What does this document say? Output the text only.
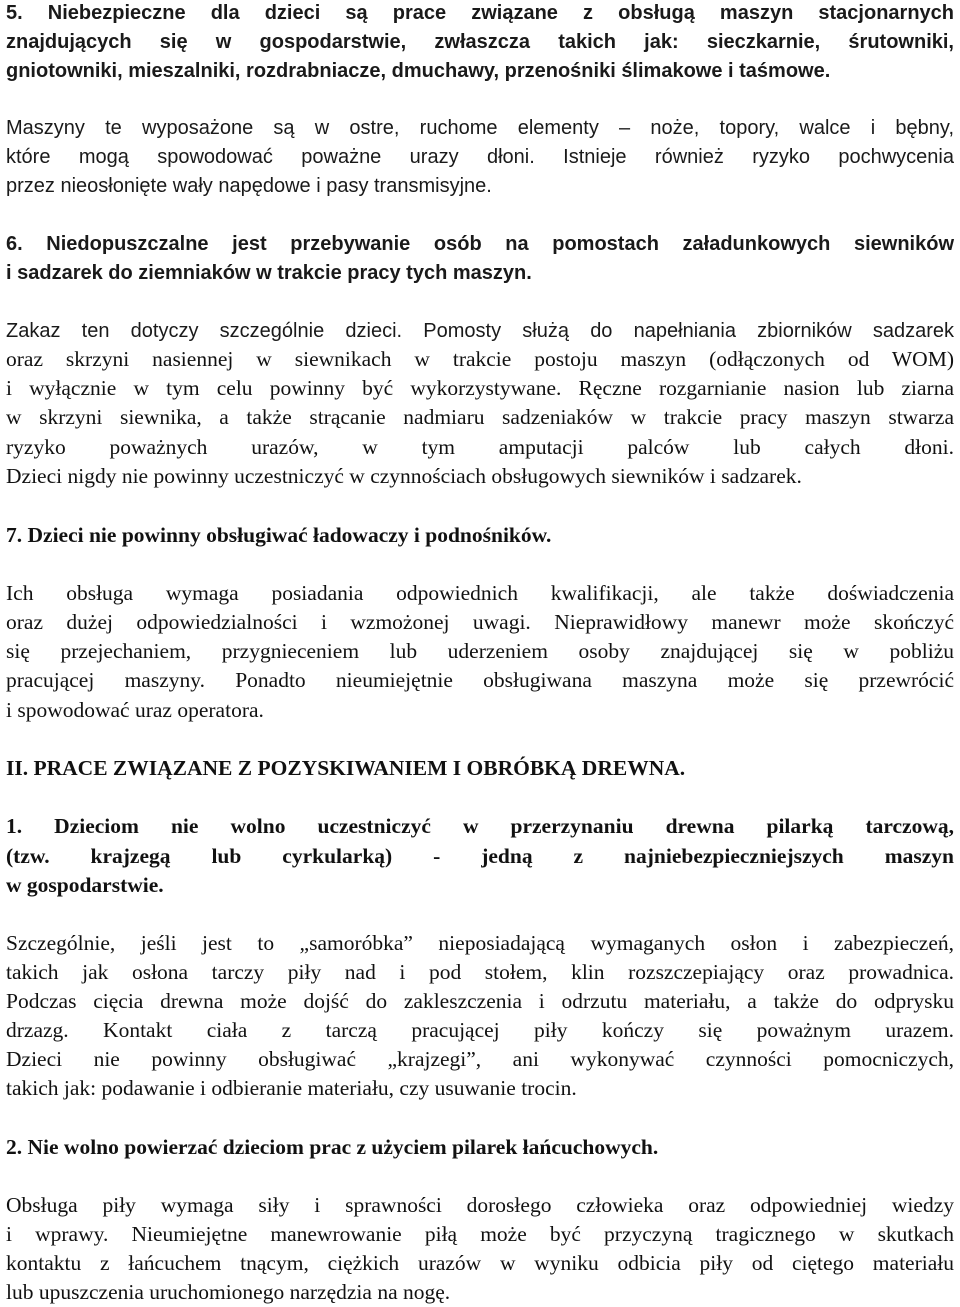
5. Niebezpieczne dla dzieci są prace związane z obsługą maszyn stacjonarnych
znajdujących się w gospodarstwie, zwłaszcza takich jak: sieczkarnie, śrutowniki,
gniotowniki, mieszalniki, rozdrabniacze, dmuchawy, przenośniki ślimakowe i taśmowe.
Maszyny te wyposażone są w ostre, ruchome elementy – noże, topory, walce i bębny,
które mogą spowodować poważne urazy dłoni. Istnieje również ryzyko pochwycenia
przez nieosłonięte wały napędowe i pasy transmisyjne.
6. Niedopuszczalne jest przebywanie osób na pomostach załadunkowych siewników
i sadzarek do ziemniaków w trakcie pracy tych maszyn.
Zakaz ten dotyczy szczególnie dzieci. Pomosty służą do napełniania zbiorników sadzarek
oraz skrzyni nasiennej w siewnikach w trakcie postoju maszyn (odłączonych od WOM)
i wyłącznie w tym celu powinny być wykorzystywane. Ręczne rozgarnianie nasion lub ziarna
w skrzyni siewnika, a także strącanie nadmiaru sadzeniaków w trakcie pracy maszyn stwarza
ryzyko poważnych urazów, w tym amputacji palców lub całych dłoni.
Dzieci nigdy nie powinny uczestniczyć w czynnościach obsługowych siewników i sadzarek.
7. Dzieci nie powinny obsługiwać ładowaczy i podnośników.
Ich obsługa wymaga posiadania odpowiednich kwalifikacji, ale także doświadczenia
oraz dużej odpowiedzialności i wzmożonej uwagi. Nieprawidłowy manewr może skończyć
się przejechaniem, przygnieceniem lub uderzeniem osoby znajdującej się w pobliżu
pracującej maszyny. Ponadto nieumiejętnie obsługiwana maszyna może się przewrócić
i spowodować uraz operatora.
II. PRACE ZWIĄZANE Z POZYSKIWANIEM I OBRÓBKĄ DREWNA.
1. Dzieciom nie wolno uczestniczyć w przerzynaniu drewna pilarką tarczową,
(tzw. krajzegą lub cyrkularką) - jedną z najniebezpieczniejszych maszyn
w gospodarstwie.
Szczególnie, jeśli jest to „samoróbka” nieposiadającą wymaganych osłon i zabezpieczeń,
takich jak osłona tarczy piły nad i pod stołem, klin rozszczepiający oraz prowadnica.
Podczas cięcia drewna może dojść do zakleszczenia i odrzutu materiału, a także do odprysku
drzazg. Kontakt ciała z tarczą pracującej piły kończy się poważnym urazem.
Dzieci nie powinny obsługiwać „krajzegi”, ani wykonywać czynności pomocniczych,
takich jak: podawanie i odbieranie materiału, czy usuwanie trocin.
2. Nie wolno powierzać dzieciom prac z użyciem pilarek łańcuchowych.
Obsługa piły wymaga siły i sprawności dorosłego człowieka oraz odpowiedniej wiedzy
i wprawy. Nieumiejętne manewrowanie piłą może być przyczyną tragicznego w skutkach
kontaktu z łańcuchem tnącym, ciężkich urazów w wyniku odbicia piły od ciętego materiału
lub upuszczenia uruchomionego narzędzia na nogę.
